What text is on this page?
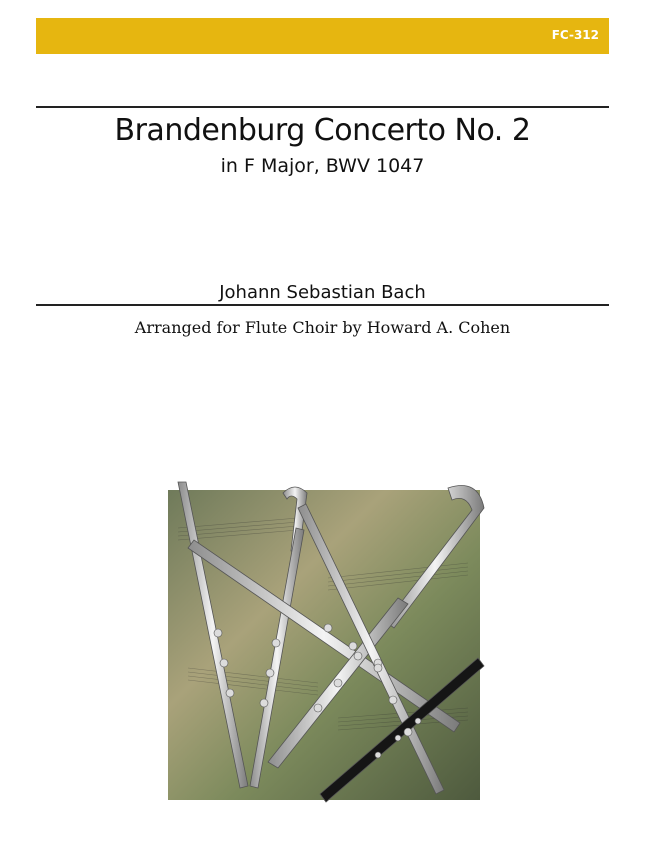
FC-312
Brandenburg Concerto No. 2
in F Major, BWV 1047
Johann Sebastian Bach
Arranged for Flute Choir by Howard A. Cohen
